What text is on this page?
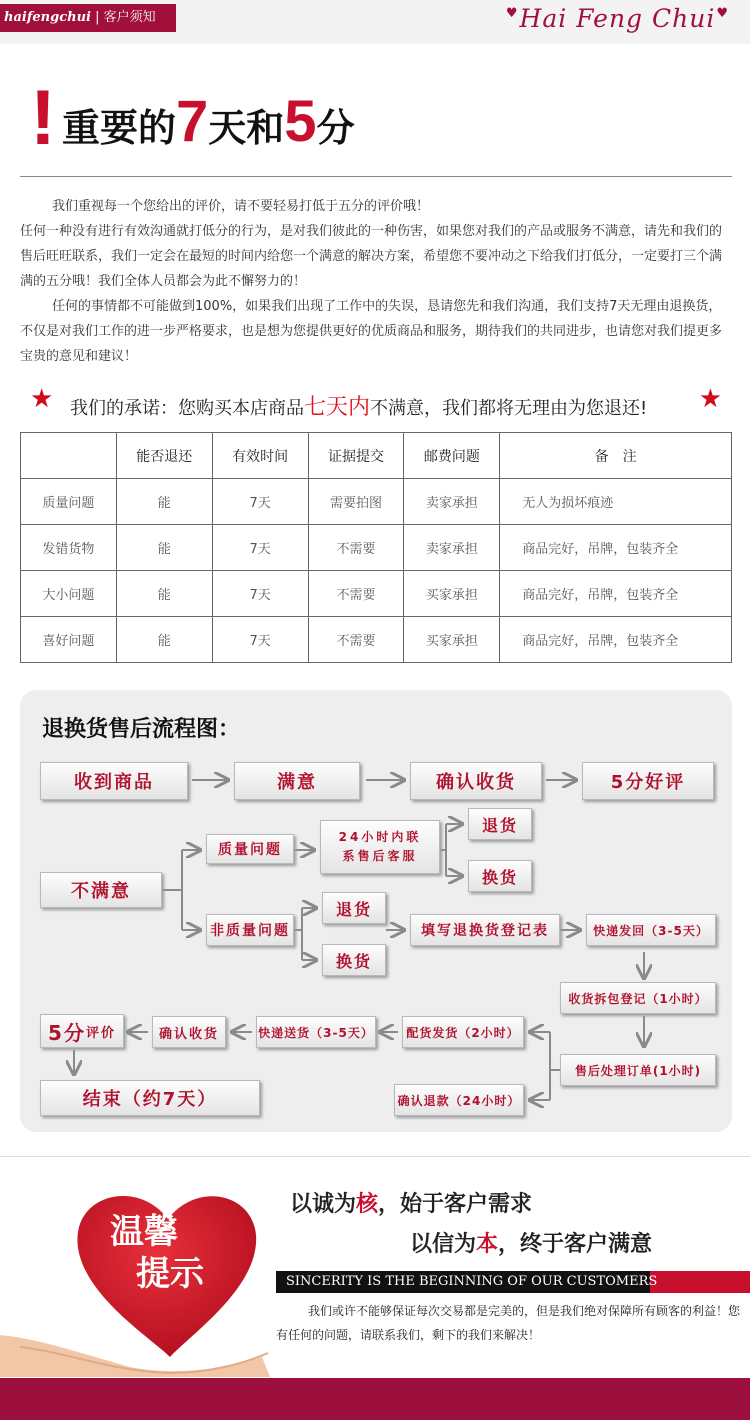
haifengchui | 客户须知	♥Hai Feng Chui♥
! 重要的7天和5分

我们重视每一个您给出的评价，请不要轻易打低于五分的评价哦！

任何一种没有进行有效沟通就打低分的行为，是对我们彼此的一种伤害，如果您对我们的产品或服务不满意，请先和我们的售后旺旺联系，我们一定会在最短的时间内给您一个满意的解决方案，希望您不要冲动之下给我们打低分，一定要打三个满满的五分哦！我们全体人员都会为此不懈努力的！

任何的事情都不可能做到100%，如果我们出现了工作中的失误，恳请您先和我们沟通，我们支持7天无理由退换货，不仅是对我们工作的进一步严格要求，也是想为您提供更好的优质商品和服务，期待我们的共同进步，也请您对我们提更多宝贵的意见和建议！

★ 我们的承诺：您购买本店商品七天内不满意，我们都将无理由为您退还! ★
	能否退还	有效时间	证据提交	邮费问题	备　注
质量问题	能	7天	需要拍图	卖家承担	无人为损坏痕迹
发错货物	能	7天	不需要	卖家承担	商品完好，吊牌，包装齐全
大小问题	能	7天	不需要	买家承担	商品完好，吊牌，包装齐全
喜好问题	能	7天	不需要	买家承担	商品完好，吊牌，包装齐全
退换货售后流程图：
收到商品	满意	确认收货	5分好评
不满意
质量问题
24小时内联
系售后客服
退货
换货
非质量问题
退货
换货
填写退换货登记表	快递发回（3-5天）
收货拆包登记（1小时）
售后处理订单(1小时)
确认退款（24小时）
配货发货（2小时）
快递送货（3-5天）
确认收货
5分 评价
结束（约7天）
温馨
提示
以诚为核，始于客户需求
以信为本，终于客户满意
SINCERITY IS THE BEGINNING OF OUR CUSTOMERS

我们或许不能够保证每次交易都是完美的，但是我们绝对保障所有顾客的利益！您有任何的问题，请联系我们，剩下的我们来解决！
